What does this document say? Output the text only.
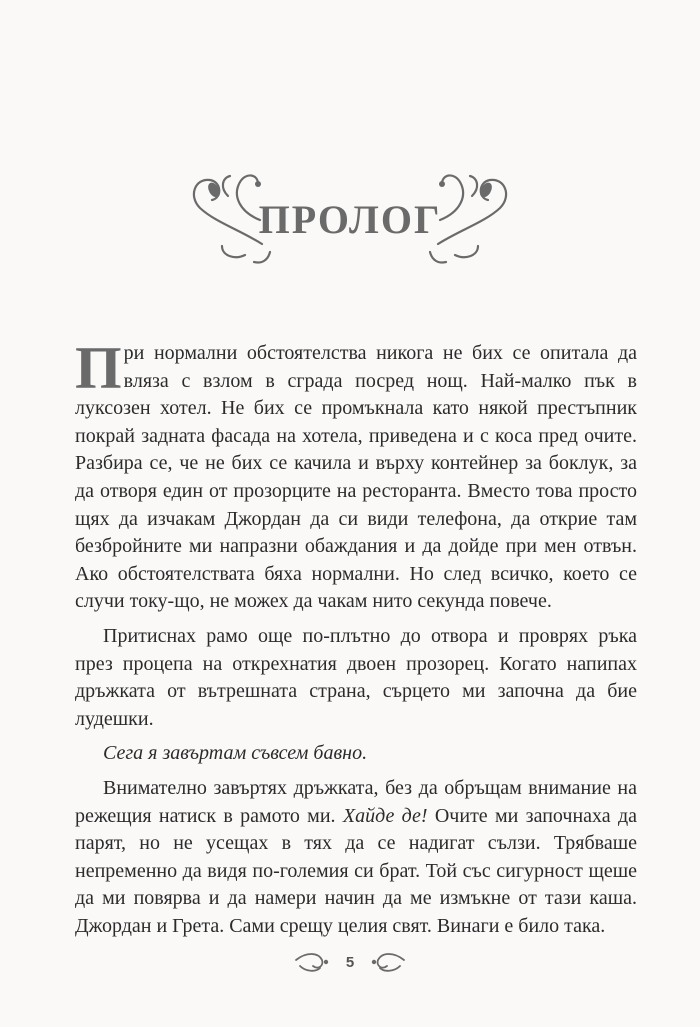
ПРОЛОГ

При нормални обстоятелства никога не бих се опитала да вляза с взлом в сграда посред нощ. Най-малко пък в луксозен хотел. Не бих се промъкнала като някой престъпник покрай задната фасада на хотела, приведена и с коса пред очите. Разбира се, че не бих се качила и върху контейнер за боклук, за да отворя един от прозорците на ресторанта. Вместо това просто щях да изчакам Джордан да си види телефона, да открие там безбройните ми напразни обаждания и да дойде при мен отвън. Ако обстоятелствата бяха нормални. Но след всичко, което се случи току-що, не можех да чакам нито секунда повече.

Притиснах рамо още по-плътно до отвора и проврях ръка през процепа на открехнатия двоен прозорец. Когато напипах дръжката от вътрешната страна, сърцето ми започна да бие лудешки.

Сега я завъртам съвсем бавно.

Внимателно завъртях дръжката, без да обръщам внимание на режещия натиск в рамото ми. Хайде де! Очите ми започнаха да парят, но не усещах в тях да се надигат сълзи. Трябваше непременно да видя по-големия си брат. Той със сигурност щеше да ми повярва и да намери начин да ме измъкне от тази каша. Джордан и Грета. Сами срещу целия свят. Винаги е било така.

5
